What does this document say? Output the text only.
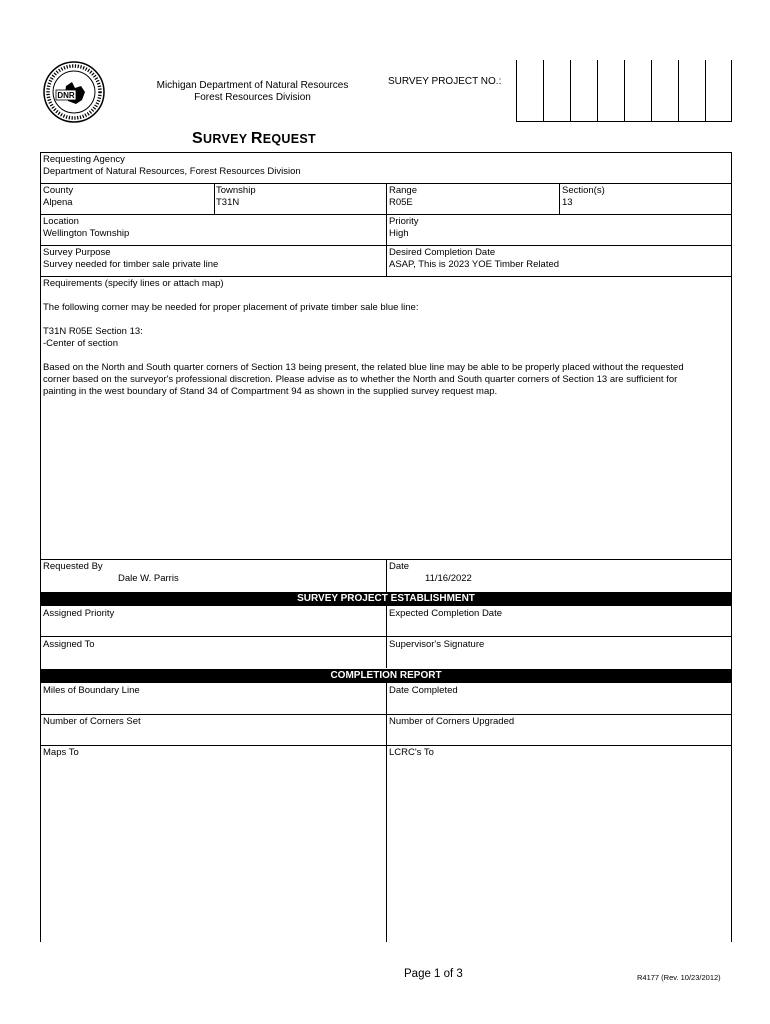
DNR
Michigan Department of Natural Resources
Forest Resources Division
SURVEY PROJECT NO.:
SURVEY REQUEST
Requesting Agency
Department of Natural Resources, Forest Resources Division
County
Alpena
Township
T31N
Range
R05E
Section(s)
13
Location
Wellington Township
Priority
High
Survey Purpose
Survey needed for timber sale private line
Desired Completion Date
ASAP, This is 2023 YOE Timber Related
Requirements (specify lines or attach map)
The following corner may be needed for proper placement of private timber sale blue line:
T31N R05E Section 13:
-Center of section
Based on the North and South quarter corners of Section 13 being present, the related blue line may be able to be properly placed without the requested
corner based on the surveyor's professional discretion. Please advise as to whether the North and South quarter corners of Section 13 are sufficient for
painting in the west boundary of Stand 34 of Compartment 94 as shown in the supplied survey request map.
Requested By
Dale W. Parris
Date
11/16/2022
SURVEY PROJECT ESTABLISHMENT
Assigned Priority	Expected Completion Date
Assigned To	Supervisor's Signature
COMPLETION REPORT
Miles of Boundary Line	Date Completed
Number of Corners Set	Number of Corners Upgraded
Maps To	LCRC's To
Page 1 of 3	R4177 (Rev. 10/23/2012)
